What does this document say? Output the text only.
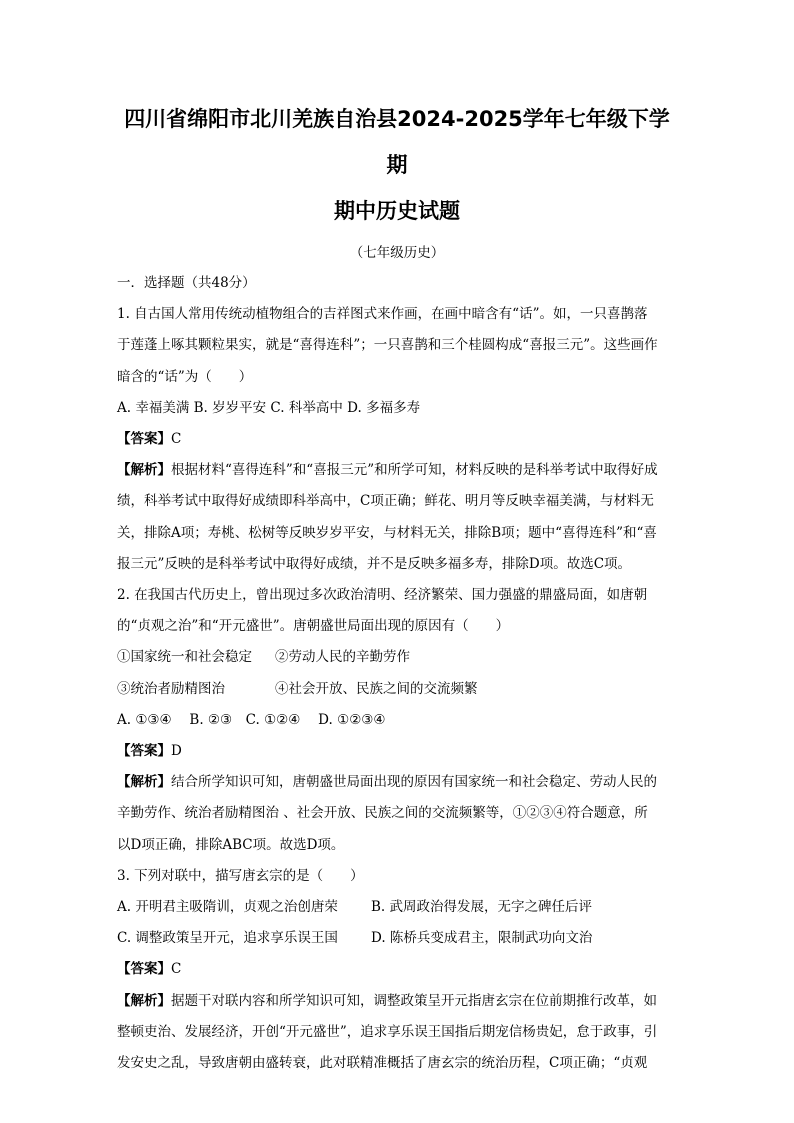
四川省绵阳市北川羌族自治县2024-2025学年七年级下学期
期中历史试题
（七年级历史）

一．选择题（共48分）

1. 自古国人常用传统动植物组合的吉祥图式来作画，在画中暗含有“话”。如，一只喜鹊落

于莲蓬上啄其颗粒果实，就是“喜得连科”；一只喜鹊和三个桂圆构成“喜报三元”。这些画作

暗含的“话”为（　　）

A. 幸福美满 B. 岁岁平安 C. 科举高中 D. 多福多寿

【答案】C

【解析】根据材料“喜得连科”和“喜报三元”和所学可知，材料反映的是科举考试中取得好成

绩，科举考试中取得好成绩即科举高中，C项正确；鲜花、明月等反映幸福美满，与材料无

关，排除A项；寿桃、松树等反映岁岁平安，与材料无关，排除B项；题中“喜得连科”和“喜

报三元”反映的是科举考试中取得好成绩，并不是反映多福多寿，排除D项。故选C项。

2. 在我国古代历史上，曾出现过多次政治清明、经济繁荣、国力强盛的鼎盛局面，如唐朝

的“贞观之治”和“开元盛世”。唐朝盛世局面出现的原因有（　　）

①国家统一和社会稳定 ②劳动人民的辛勤劳作

③统治者励精图治	④社会开放、民族之间的交流频繁

A. ①③④　 B. ②③　C. ①②④　 D. ①②③④

【答案】D

【解析】结合所学知识可知，唐朝盛世局面出现的原因有国家统一和社会稳定、劳动人民的

辛勤劳作、统治者励精图治 、社会开放、民族之间的交流频繁等，①②③④符合题意，所

以D项正确，排除ABC项。故选D项。

3. 下列对联中，描写唐玄宗的是（　　）

A. 开明君主吸隋训，贞观之治创唐荣 B. 武周政治得发展，无字之碑任后评

C. 调整政策呈开元，追求享乐误王国 D. 陈桥兵变成君主，限制武功向文治

【答案】C

【解析】据题干对联内容和所学知识可知，调整政策呈开元指唐玄宗在位前期推行改革，如

整顿吏治、发展经济，开创“开元盛世”，追求享乐误王国指后期宠信杨贵妃，怠于政事，引

发安史之乱，导致唐朝由盛转衰，此对联精准概括了唐玄宗的统治历程，C项正确；“贞观
